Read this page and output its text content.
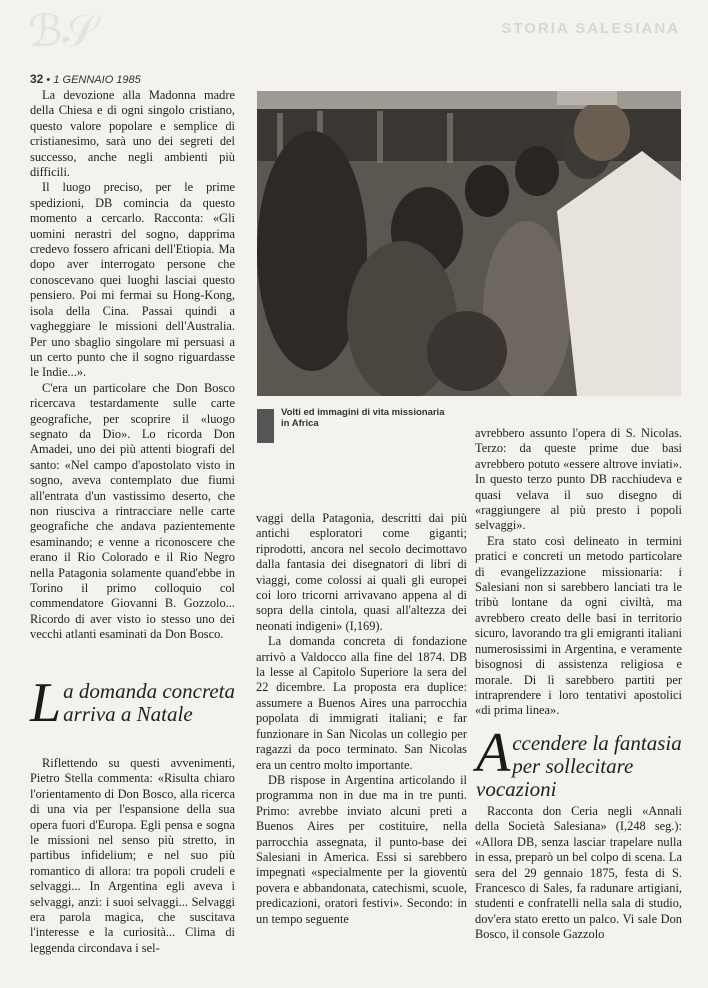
ℬ𝒮	STORIA SALESIANA
32 • 1 GENNAIO 1985

La devozione alla Madonna madre della Chiesa e di ogni singolo cristiano, questo valore popolare e semplice di cristianesimo, sarà uno dei segreti del successo, anche negli ambienti più difficili.

Il luogo preciso, per le prime spedizioni, DB comincia da questo momento a cercarlo. Racconta: «Gli uomini nerastri del sogno, dapprima credevo fossero africani dell'Etiopia. Ma dopo aver interrogato persone che conoscevano quei luoghi lasciai questo pensiero. Poi mi fermai su Hong-Kong, isola della Cina. Passai quindi a vagheggiare le missioni dell'Australia. Per uno sbaglio singolare mi persuasi a un certo punto che il sogno riguardasse le Indie...».

C'era un particolare che Don Bosco ricercava testardamente sulle carte geografiche, per scoprire il «luogo segnato da Dio». Lo ricorda Don Amadei, uno dei più attenti biografi del santo: «Nel campo d'apostolato visto in sogno, aveva contemplato due fiumi all'entrata d'un vastissimo deserto, che non riusciva a rintracciare nelle carte geografiche che andava pazientemente esaminando; e venne a riconoscere che erano il Rio Colorado e il Rio Negro nella Patagonia solamente quand'ebbe in Torino il primo colloquio col commendatore Giovanni B. Gozzolo... Ricordo di aver visto io stesso uno dei vecchi atlanti esaminati da Don Bosco.

L a domanda concreta arriva a Natale

Riflettendo su questi avvenimenti, Pietro Stella commenta: «Risulta chiaro l'orientamento di Don Bosco, alla ricerca di una via per l'espansione della sua opera fuori d'Europa. Egli pensa e sogna le missioni nel senso più stretto, in partibus infidelium; e nel suo più romantico di allora: tra popoli crudeli e selvaggi... In Argentina egli aveva i selvaggi, anzi: i suoi selvaggi... Selvaggi era parola magica, che suscitava l'interesse e la curiosità... Clima di leggenda circondava i sel-

Volti ed immagini di vita missionaria in Africa

vaggi della Patagonia, descritti dai più antichi esploratori come giganti; riprodotti, ancora nel secolo decimottavo dalla fantasia dei disegnatori di libri di viaggi, come colossi ai quali gli europei coi loro tricorni arrivavano appena al di sopra della cintola, quasi all'altezza dei neonati indigeni» (I,169).

La domanda concreta di fondazione arrivò a Valdocco alla fine del 1874. DB la lesse al Capitolo Superiore la sera del 22 dicembre. La proposta era duplice: assumere a Buenos Aires una parrocchia popolata di immigrati italiani; e far funzionare in San Nicolas un collegio per ragazzi da poco terminato. San Nicolas era un centro molto importante.

DB rispose in Argentina articolando il programma non in due ma in tre punti. Primo: avrebbe inviato alcuni preti a Buenos Aires per costituire, nella parrocchia assegnata, il punto-base dei Salesiani in America. Essi si sarebbero impegnati «specialmente per la gioventù povera e abbandonata, catechismi, scuole, predicazioni, oratori festivi». Secondo: in un tempo seguente

avrebbero assunto l'opera di S. Nicolas. Terzo: da queste prime due basi avrebbero potuto «essere altrove inviati». In questo terzo punto DB racchiudeva e quasi velava il suo disegno di «raggiungere al più presto i popoli selvaggi».

Era stato così delineato in termini pratici e concreti un metodo particolare di evangelizzazione missionaria: i Salesiani non si sarebbero lanciati tra le tribù lontane da ogni civiltà, ma avrebbero creato delle basi in territorio sicuro, lavorando tra gli emigranti italiani numerosissimi in Argentina, e veramente bisognosi di assistenza religiosa e morale. Di lì sarebbero partiti per intraprendere i loro tentativi apostolici «di prima linea».

A ccendere la fantasia per sollecitare vocazioni

Racconta don Ceria negli «Annali della Società Salesiana» (I,248 seg.): «Allora DB, senza lasciar trapelare nulla in essa, preparò un bel colpo di scena. La sera del 29 gennaio 1875, festa di S. Francesco di Sales, fa radunare artigiani, studenti e confratelli nella sala di studio, dov'era stato eretto un palco. Vi sale Don Bosco, il console Gazzolo
